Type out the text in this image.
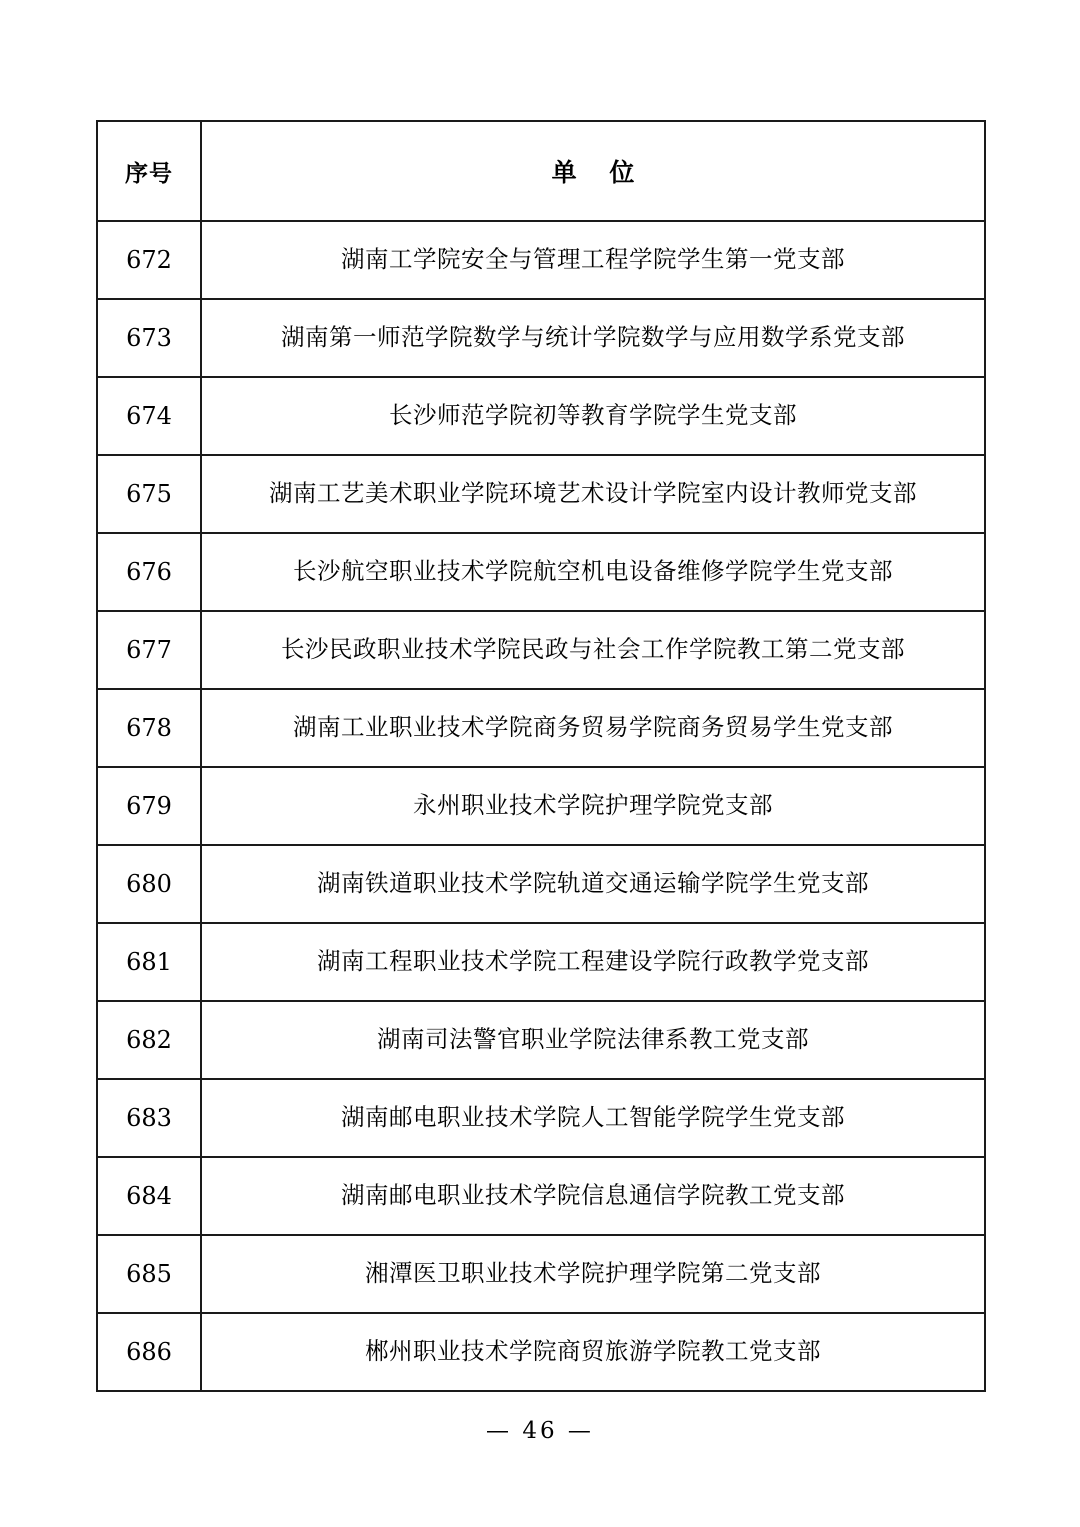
序号	单 位
672	湖南工学院安全与管理工程学院学生第一党支部
673	湖南第一师范学院数学与统计学院数学与应用数学系党支部
674	长沙师范学院初等教育学院学生党支部
675	湖南工艺美术职业学院环境艺术设计学院室内设计教师党支部
676	长沙航空职业技术学院航空机电设备维修学院学生党支部
677	长沙民政职业技术学院民政与社会工作学院教工第二党支部
678	湖南工业职业技术学院商务贸易学院商务贸易学生党支部
679	永州职业技术学院护理学院党支部
680	湖南铁道职业技术学院轨道交通运输学院学生党支部
681	湖南工程职业技术学院工程建设学院行政教学党支部
682	湖南司法警官职业学院法律系教工党支部
683	湖南邮电职业技术学院人工智能学院学生党支部
684	湖南邮电职业技术学院信息通信学院教工党支部
685	湘潭医卫职业技术学院护理学院第二党支部
686	郴州职业技术学院商贸旅游学院教工党支部
— 46 —
